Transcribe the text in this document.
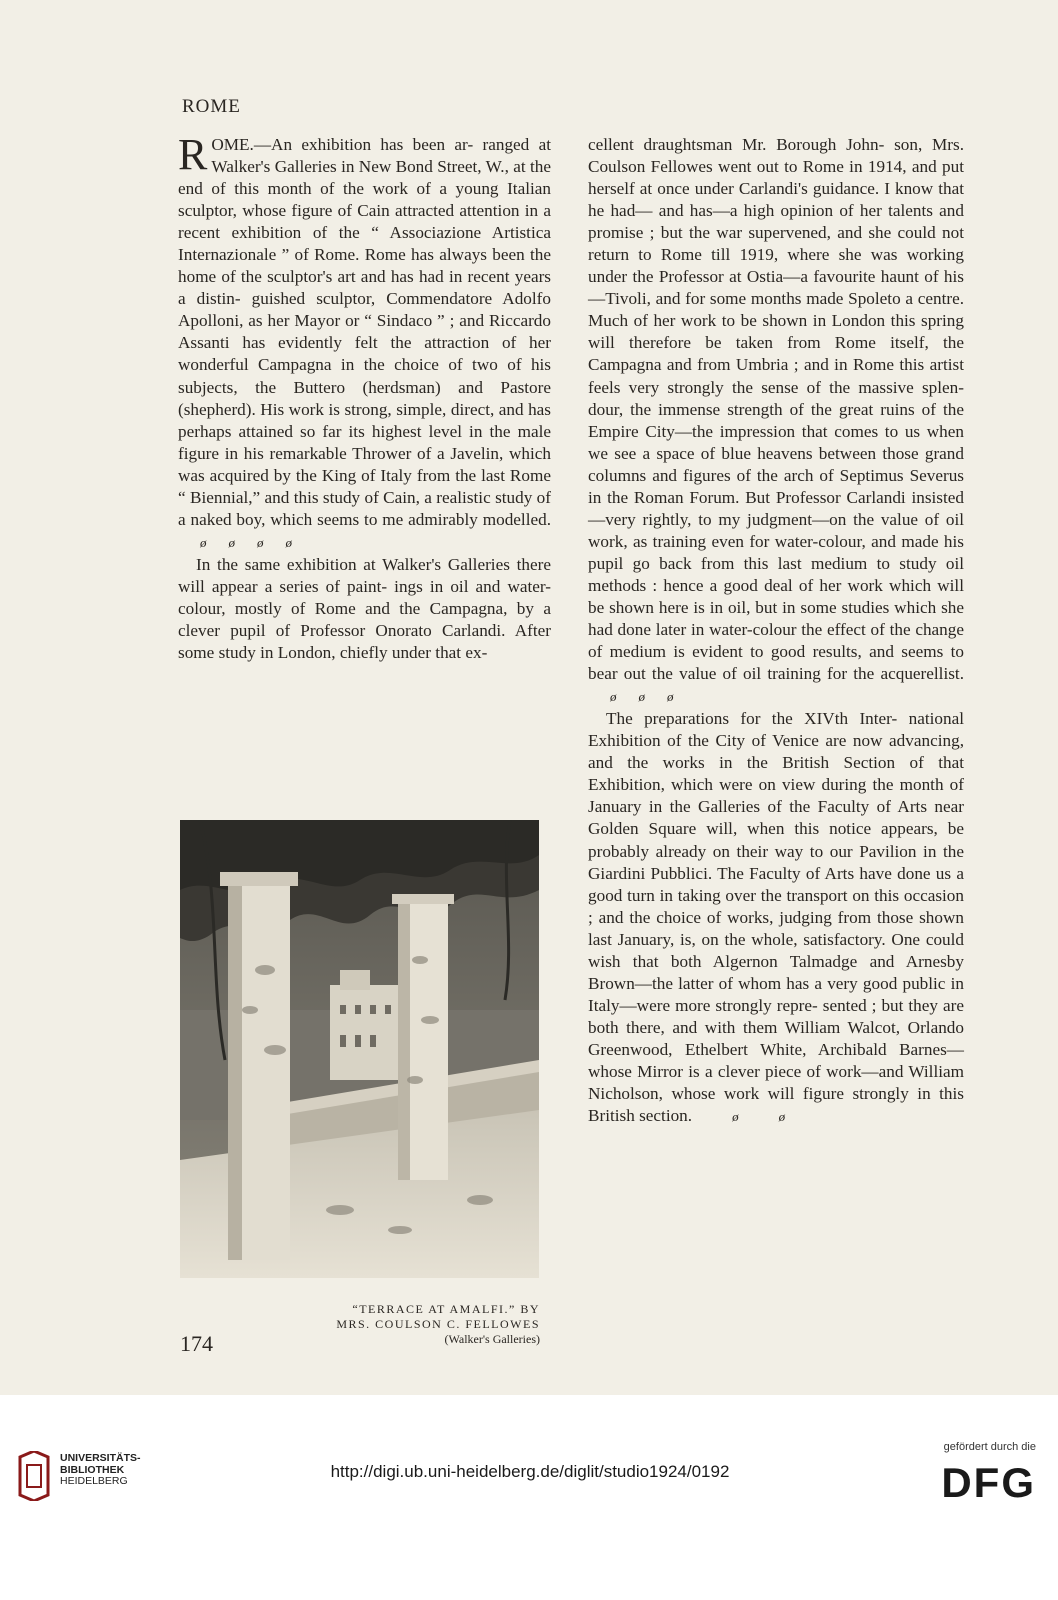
ROME

ROME.—An exhibition has been ar- ranged at Walker's Galleries in New Bond Street, W., at the end of this month of the work of a young Italian sculptor, whose figure of Cain attracted attention in a recent exhibition of the “ Associazione Artistica Internazionale ” of Rome. Rome has always been the home of the sculptor's art and has had in recent years a distin- guished sculptor, Commendatore Adolfo Apolloni, as her Mayor or “ Sindaco ” ; and Riccardo Assanti has evidently felt the attraction of her wonderful Campagna in the choice of two of his subjects, the Buttero (herdsman) and Pastore (shepherd). His work is strong, simple, direct, and has perhaps attained so far its highest level in the male figure in his remarkable Thrower of a Javelin, which was acquired by the King of Italy from the last Rome “ Biennial,” and this study of Cain, a realistic study of a naked boy, which seems to me admirably modelled.ø ø ø ø

In the same exhibition at Walker's Galleries there will appear a series of paint- ings in oil and water-colour, mostly of Rome and the Campagna, by a clever pupil of Professor Onorato Carlandi. After some study in London, chiefly under that ex-

cellent draughtsman Mr. Borough John- son, Mrs. Coulson Fellowes went out to Rome in 1914, and put herself at once under Carlandi's guidance. I know that he had— and has—a high opinion of her talents and promise ; but the war supervened, and she could not return to Rome till 1919, where she was working under the Professor at Ostia—a favourite haunt of his—Tivoli, and for some months made Spoleto a centre. Much of her work to be shown in London this spring will therefore be taken from Rome itself, the Campagna and from Umbria ; and in Rome this artist feels very strongly the sense of the massive splen- dour, the immense strength of the great ruins of the Empire City—the impression that comes to us when we see a space of blue heavens between those grand columns and figures of the arch of Septimus Severus in the Roman Forum. But Professor Carlandi insisted—very rightly, to my judgment—on the value of oil work, as training even for water-colour, and made his pupil go back from this last medium to study oil methods : hence a good deal of her work which will be shown here is in oil, but in some studies which she had done later in water-colour the effect of the change of medium is evident to good results, and seems to bear out the value of oil training for the acquerellist.ø ø ø

The preparations for the XIVth Inter- national Exhibition of the City of Venice are now advancing, and the works in the British Section of that Exhibition, which were on view during the month of January in the Galleries of the Faculty of Arts near Golden Square will, when this notice appears, be probably already on their way to our Pavilion in the Giardini Pubblici. The Faculty of Arts have done us a good turn in taking over the transport on this occasion ; and the choice of works, judging from those shown last January, is, on the whole, satisfactory. One could wish that both Algernon Talmadge and Arnesby Brown—the latter of whom has a very good public in Italy—were more strongly repre- sented ; but they are both there, and with them William Walcot, Orlando Greenwood, Ethelbert White, Archibald Barnes—whose Mirror is a clever piece of work—and William Nicholson, whose work will figure strongly in this British section.	ø	ø

“TERRACE AT AMALFI.” BY
MRS. COULSON C. FELLOWES
(Walker's Galleries)
174
UNIVERSITÄTS-
BIBLIOTHEK
HEIDELBERG	http://digi.ub.uni-heidelberg.de/diglit/studio1924/0192
gefördert durch die
DFG
